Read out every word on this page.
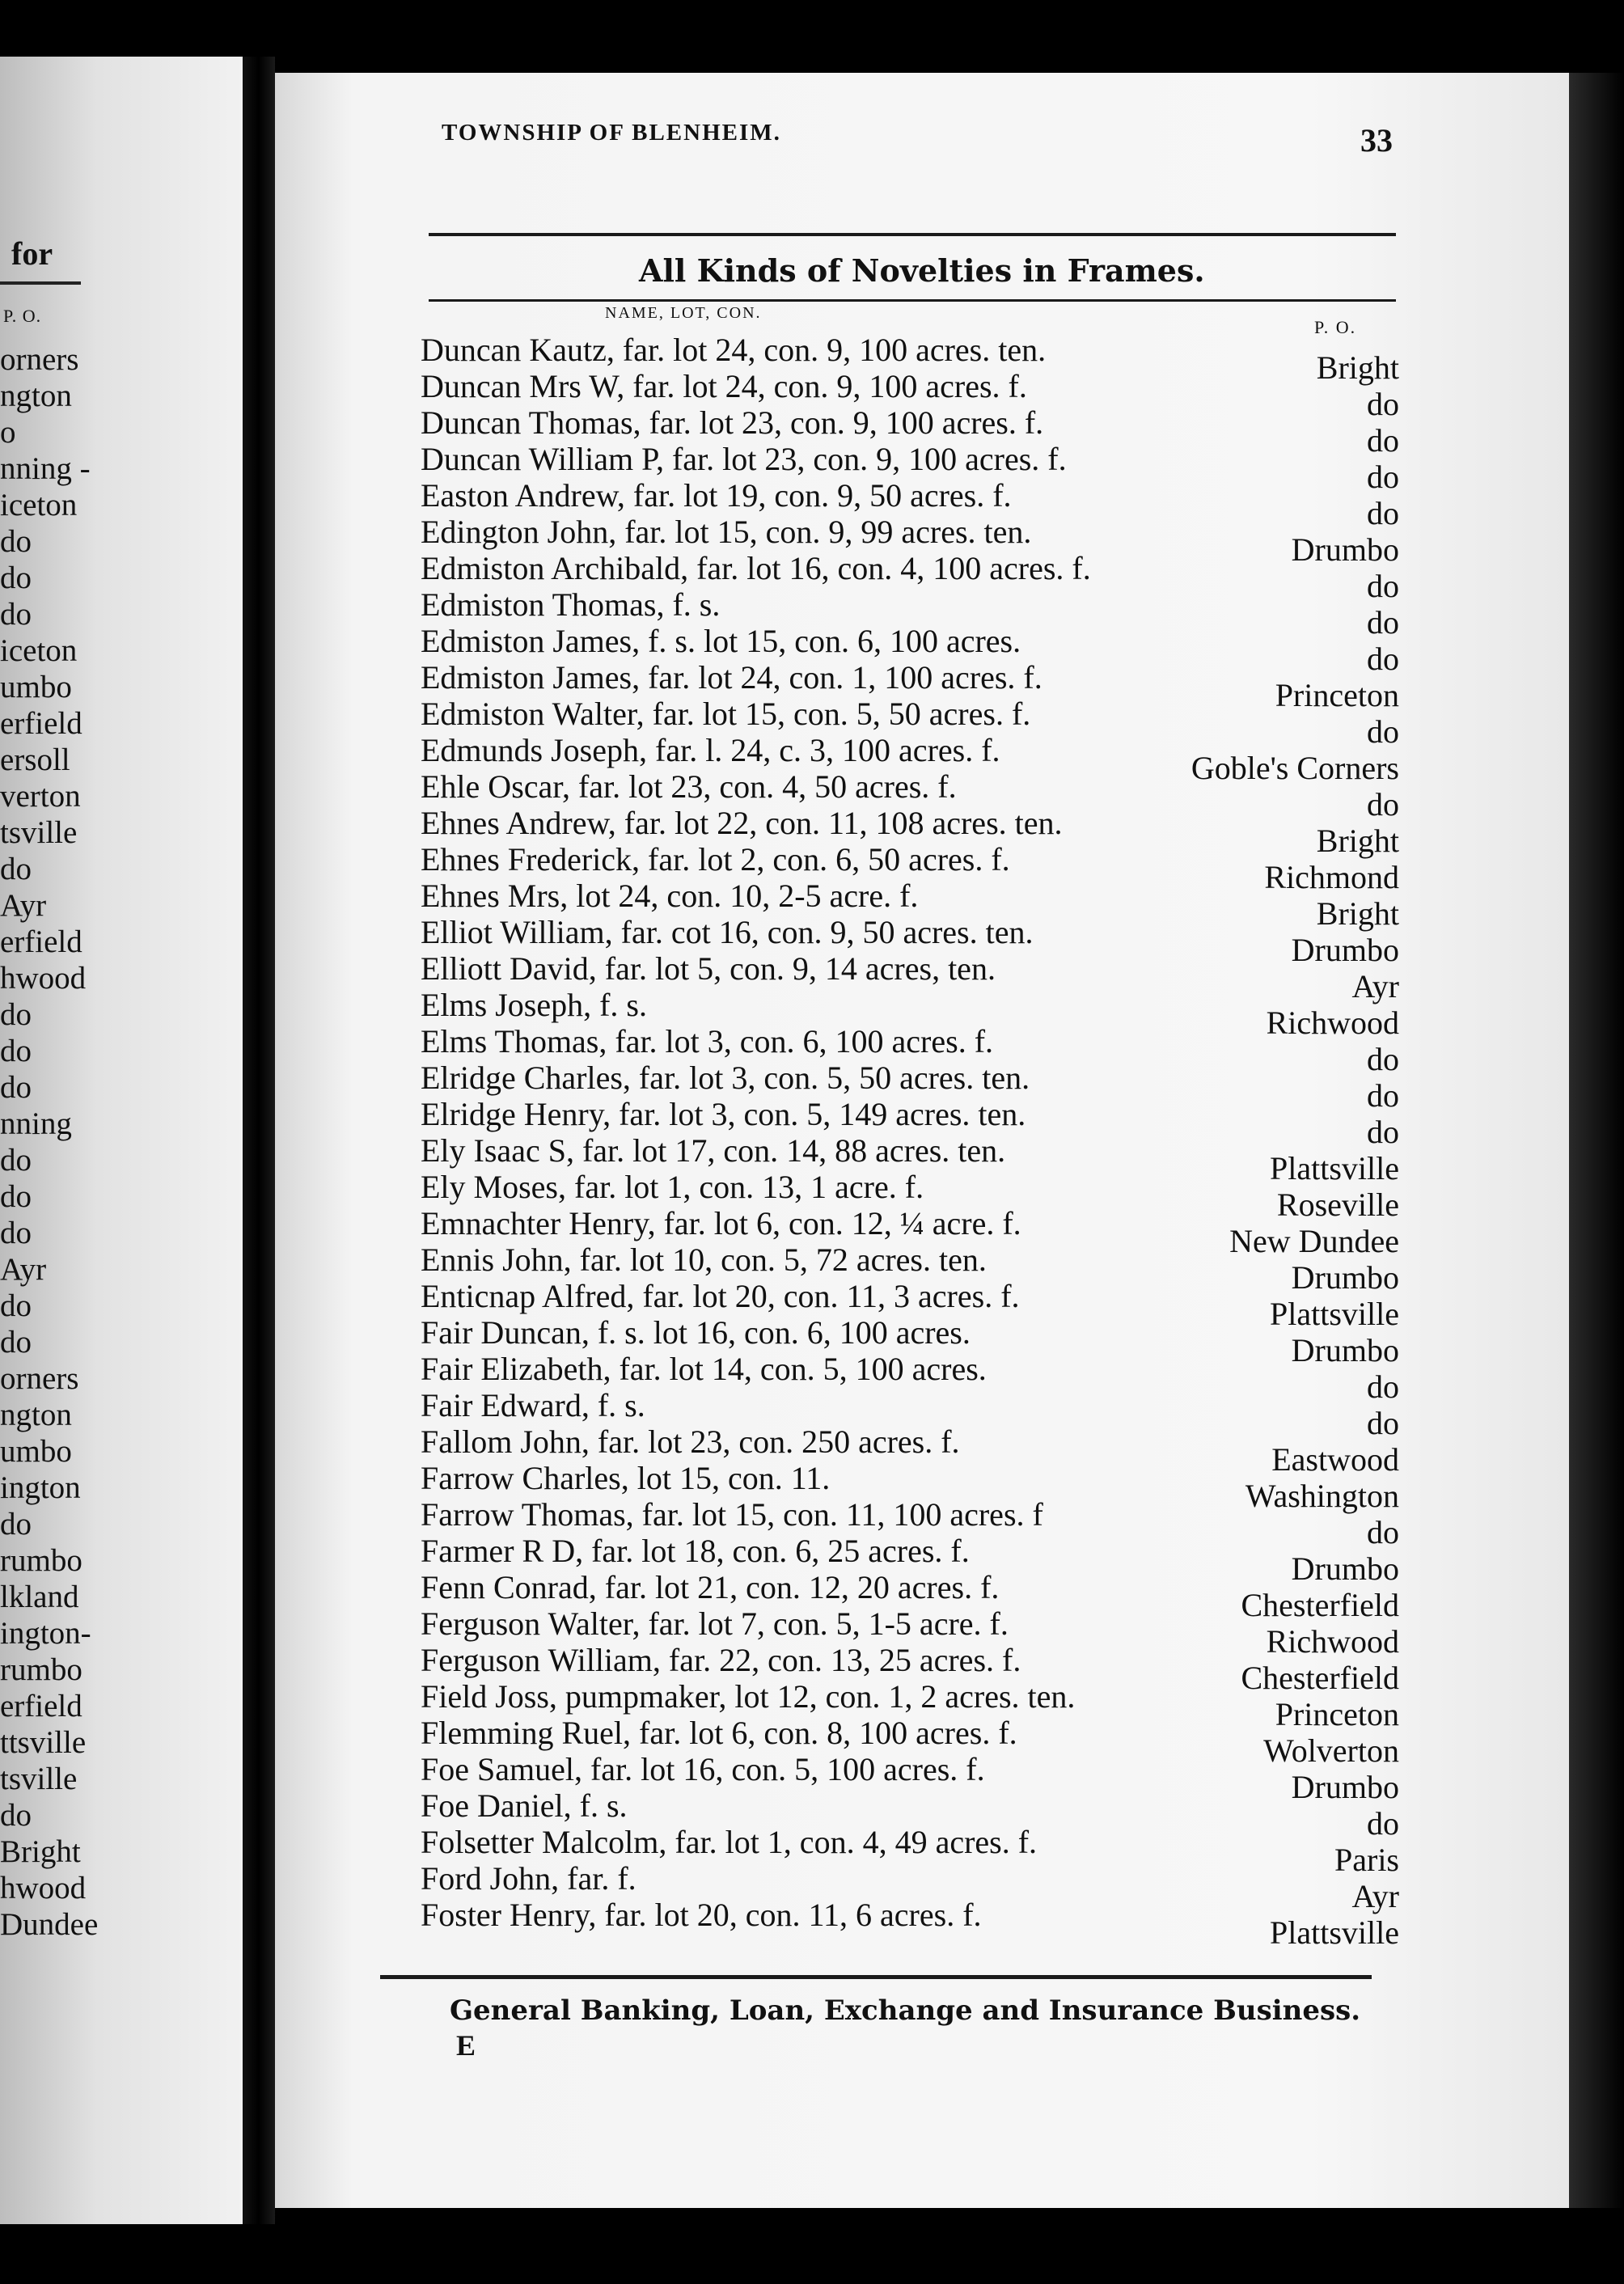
for
P. O.
orners
ngton
o
nning -
iceton
do
do
do
iceton
umbo
erfield
ersoll
verton
tsville
do
Ayr
erfield
hwood
do
do
do
nning
do
do
do
Ayr
do
do
orners
ngton
umbo
ington
do
rumbo
lkland
ington-
rumbo
erfield
ttsville
tsville
do
Bright
hwood
Dundee
TOWNSHIP OF BLENHEIM.	33
All Kinds of Novelties in Frames.
NAME, LOT, CON.
P. O.
Duncan Kautz, far. lot 24, con. 9, 100 acres. ten.	Bright
Duncan Mrs W, far. lot 24, con. 9, 100 acres. f.	do
Duncan Thomas, far. lot 23, con. 9, 100 acres. f.	do
Duncan William P, far. lot 23, con. 9, 100 acres. f.	do
Easton Andrew, far. lot 19, con. 9, 50 acres. f.	do
Edington John, far. lot 15, con. 9, 99 acres. ten.	Drumbo
Edmiston Archibald, far. lot 16, con. 4, 100 acres. f.	do
Edmiston Thomas, f. s.	do
Edmiston James, f. s. lot 15, con. 6, 100 acres.	do
Edmiston James, far. lot 24, con. 1, 100 acres. f.	Princeton
Edmiston Walter, far. lot 15, con. 5, 50 acres. f.	do
Edmunds Joseph, far. l. 24, c. 3, 100 acres. f.	Goble's Corners
Ehle Oscar, far. lot 23, con. 4, 50 acres. f.	do
Ehnes Andrew, far. lot 22, con. 11, 108 acres. ten.	Bright
Ehnes Frederick, far. lot 2, con. 6, 50 acres. f.	Richmond
Ehnes Mrs, lot 24, con. 10, 2-5 acre. f.	Bright
Elliot William, far. cot 16, con. 9, 50 acres. ten.	Drumbo
Elliott David, far. lot 5, con. 9, 14 acres, ten.	Ayr
Elms Joseph, f. s.	Richwood
Elms Thomas, far. lot 3, con. 6, 100 acres. f.	do
Elridge Charles, far. lot 3, con. 5, 50 acres. ten.	do
Elridge Henry, far. lot 3, con. 5, 149 acres. ten.	do
Ely Isaac S, far. lot 17, con. 14, 88 acres. ten.	Plattsville
Ely Moses, far. lot 1, con. 13, 1 acre. f.	Roseville
Emnachter Henry, far. lot 6, con. 12, ¼ acre. f.	New Dundee
Ennis John, far. lot 10, con. 5, 72 acres. ten.	Drumbo
Enticnap Alfred, far. lot 20, con. 11, 3 acres. f.	Plattsville
Fair Duncan, f. s. lot 16, con. 6, 100 acres.	Drumbo
Fair Elizabeth, far. lot 14, con. 5, 100 acres.	do
Fair Edward, f. s.	do
Fallom John, far. lot 23, con. 250 acres. f.	Eastwood
Farrow Charles, lot 15, con. 11.	Washington
Farrow Thomas, far. lot 15, con. 11, 100 acres. f	do
Farmer R D, far. lot 18, con. 6, 25 acres. f.	Drumbo
Fenn Conrad, far. lot 21, con. 12, 20 acres. f.	Chesterfield
Ferguson Walter, far. lot 7, con. 5, 1-5 acre. f.	Richwood
Ferguson William, far. 22, con. 13, 25 acres. f.	Chesterfield
Field Joss, pumpmaker, lot 12, con. 1, 2 acres. ten.	Princeton
Flemming Ruel, far. lot 6, con. 8, 100 acres. f.	Wolverton
Foe Samuel, far. lot 16, con. 5, 100 acres. f.	Drumbo
Foe Daniel, f. s.	do
Folsetter Malcolm, far. lot 1, con. 4, 49 acres. f.	Paris
Ford John, far. f.	Ayr
Foster Henry, far. lot 20, con. 11, 6 acres. f.	Plattsville
General Banking, Loan, Exchange and Insurance Business.
E
